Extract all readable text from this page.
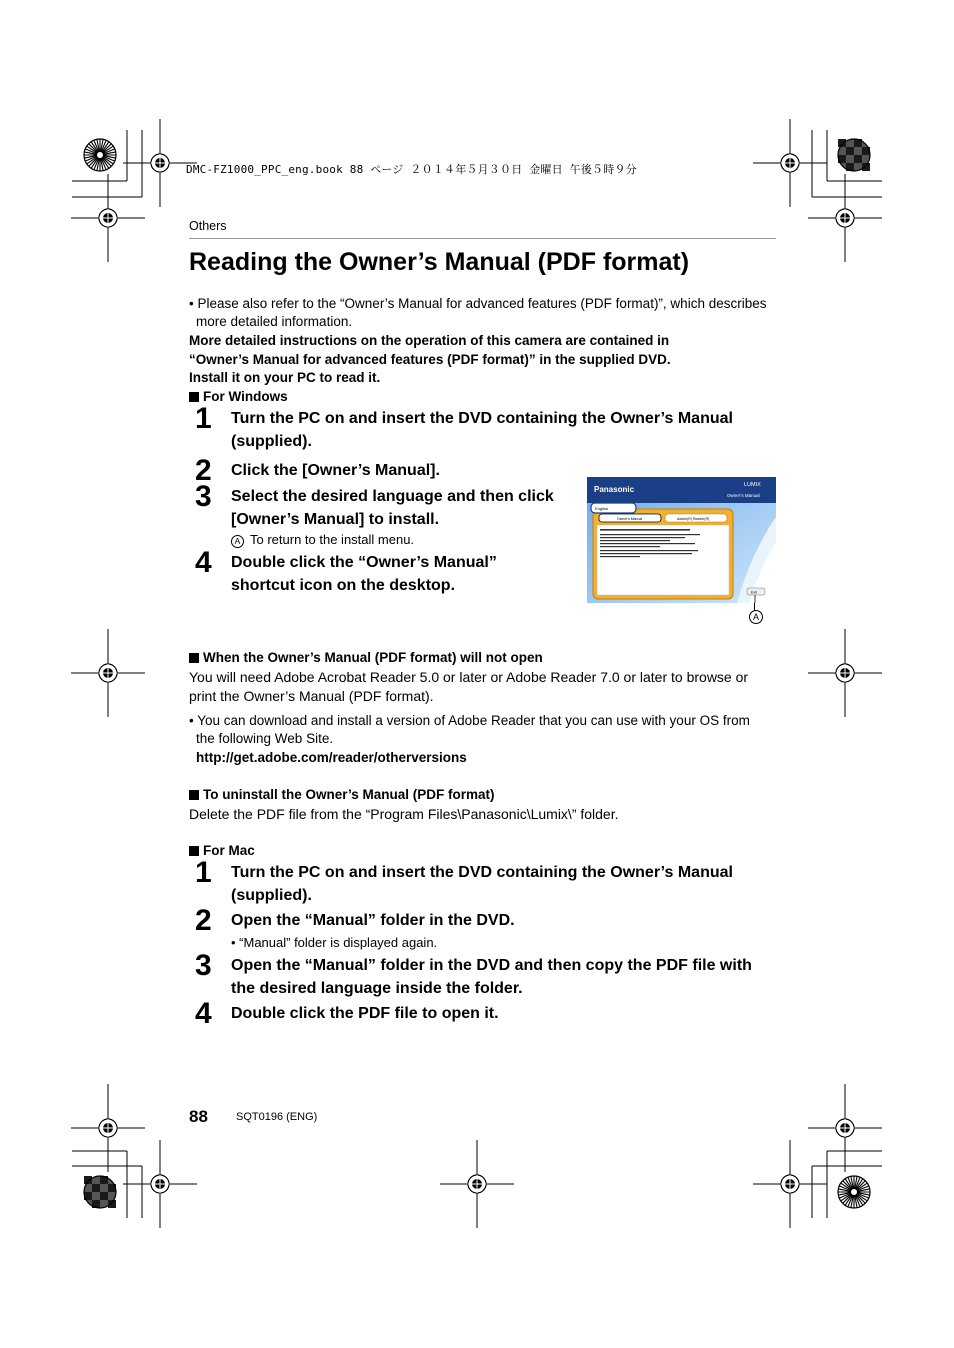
DMC-FZ1000_PPC_eng.book 88 ページ ２０１４年５月３０日 金曜日 午後５時９分
Others
Reading the Owner’s Manual (PDF format)
• Please also refer to the “Owner’s Manual for advanced features (PDF format)”, which describes
more detailed information.
More detailed instructions on the operation of this camera are contained in
“Owner’s Manual for advanced features (PDF format)” in the supplied DVD.
Install it on your PC to read it.
For Windows
1 Turn the PC on and insert the DVD containing the Owner’s Manual
(supplied).
2 Click the [Owner’s Manual].
3 Select the desired language and then click
[Owner’s Manual] to install.
A To return to the install menu.
4 Double click the “Owner’s Manual”
shortcut icon on the desktop.
Panasonic	LUMIX
Owner’s Manual
English
Owner's Manual	Adobe(R) Reader(R)
Exit
A
When the Owner’s Manual (PDF format) will not open
You will need Adobe Acrobat Reader 5.0 or later or Adobe Reader 7.0 or later to browse or
print the Owner’s Manual (PDF format).
• You can download and install a version of Adobe Reader that you can use with your OS from
the following Web Site.
http://get.adobe.com/reader/otherversions
To uninstall the Owner’s Manual (PDF format)
Delete the PDF file from the “Program Files\Panasonic\Lumix\” folder.
For Mac
1 Turn the PC on and insert the DVD containing the Owner’s Manual
(supplied).
2 Open the “Manual” folder in the DVD.
• “Manual” folder is displayed again.
3 Open the “Manual” folder in the DVD and then copy the PDF file with
the desired language inside the folder.
4 Double click the PDF file to open it.
88	SQT0196 (ENG)
